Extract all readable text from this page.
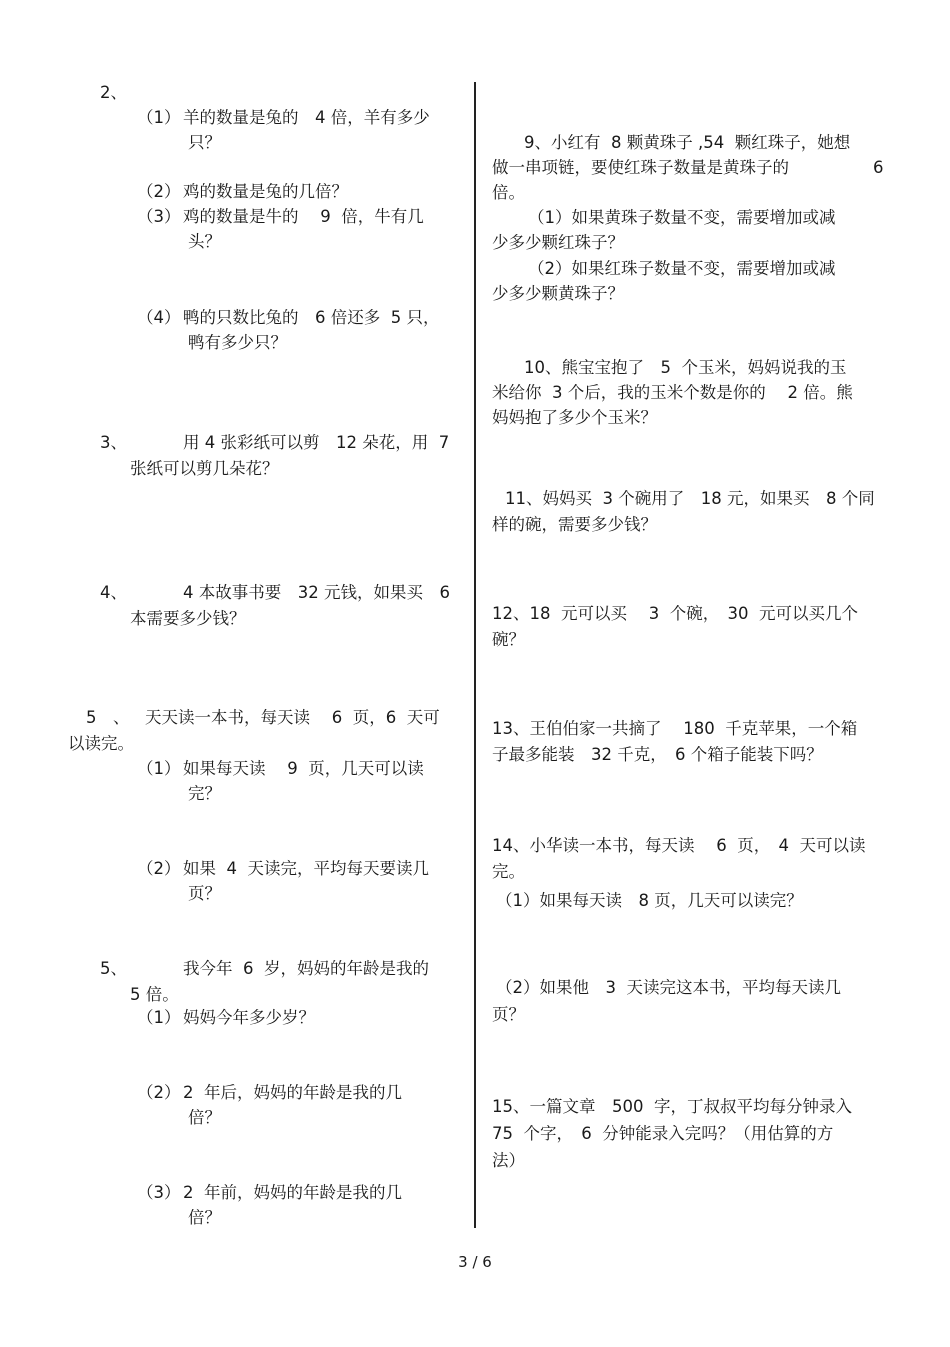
2、
（1） 羊的数量是兔的　4 倍，羊有多少
只？
（2） 鸡的数量是兔的几倍？
（3） 鸡的数量是牛的　 9  倍，牛有几
头？
（4） 鸭的只数比兔的　6 倍还多  5 只，
鸭有多少只？
3、	用 4 张彩纸可以剪　12 朵花，用  7
张纸可以剪几朵花？
4、	4 本故事书要　32 元钱，如果买　6
本需要多少钱？
5　、 天天读一本书，每天读　 6  页，6  天可
以读完。
（1） 如果每天读　 9  页，几天可以读
完？
（2） 如果  4  天读完，平均每天要读几
页？
5、	我今年  6  岁，妈妈的年龄是我的
5 倍。
（1） 妈妈今年多少岁？
（2） 2  年后，妈妈的年龄是我的几
倍？
（3） 2  年前，妈妈的年龄是我的几
倍？
9、小红有  8 颗黄珠子 ,54  颗红珠子，她想
做一串项链，要使红珠子数量是黄珠子的	6
倍。
（1）如果黄珠子数量不变，需要增加或减
少多少颗红珠子？
（2）如果红珠子数量不变，需要增加或减
少多少颗黄珠子？
10、熊宝宝抱了　5  个玉米，妈妈说我的玉
米给你  3 个后，我的玉米个数是你的　 2 倍。熊
妈妈抱了多少个玉米？
11、妈妈买  3 个碗用了　18 元，如果买　8 个同
样的碗，需要多少钱？
12、18  元可以买　 3  个碗，　30  元可以买几个
碗？
13、王伯伯家一共摘了　 180  千克苹果，一个箱
子最多能装　32 千克，　6 个箱子能装下吗？
14、小华读一本书，每天读　 6  页，　4  天可以读
完。
（1）如果每天读　8 页，几天可以读完？
（2）如果他　3  天读完这本书，平均每天读几
页？
15、一篇文章　500  字，丁叔叔平均每分钟录入
75  个字，　6  分钟能录入完吗？（用估算的方
法）
3 / 6
